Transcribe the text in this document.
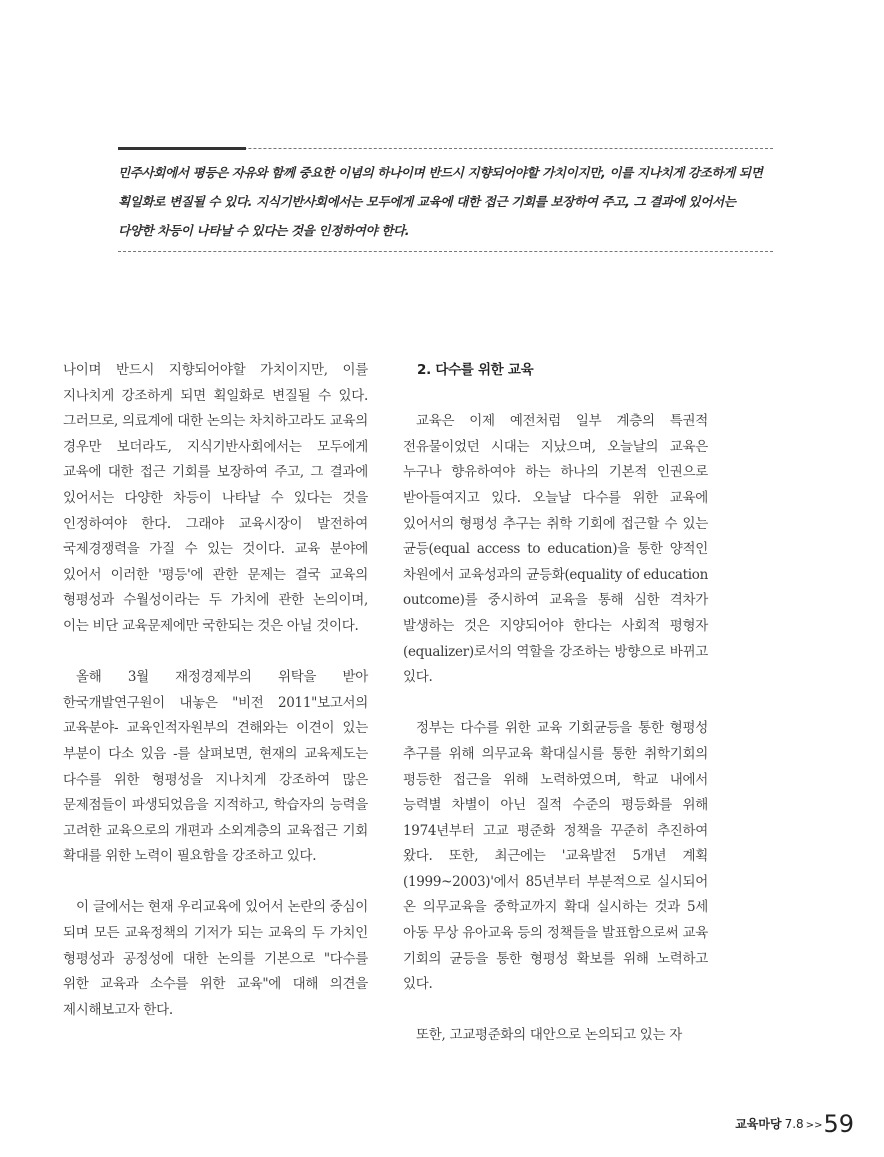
민주사회에서 평등은 자유와 함께 중요한 이념의 하나이며 반드시 지향되어야할 가치이지만, 이를 지나치게 강조하게 되면 획일화로 변질될 수 있다. 지식기반사회에서는 모두에게 교육에 대한 접근 기회를 보장하여 주고, 그 결과에 있어서는 다양한 차등이 나타날 수 있다는 것을 인정하여야 한다.

나이며 반드시 지향되어야할 가치이지만, 이를 지나치게 강조하게 되면 획일화로 변질될 수 있다. 그러므로, 의료계에 대한 논의는 차치하고라도 교육의 경우만 보더라도, 지식기반사회에서는 모두에게 교육에 대한 접근 기회를 보장하여 주고, 그 결과에 있어서는 다양한 차등이 나타날 수 있다는 것을 인정하여야 한다. 그래야 교육시장이 발전하여 국제경쟁력을 가질 수 있는 것이다. 교육 분야에 있어서 이러한 '평등'에 관한 문제는 결국 교육의 형평성과 수월성이라는 두 가치에 관한 논의이며, 이는 비단 교육문제에만 국한되는 것은 아닐 것이다.

올해 3월 재정경제부의 위탁을 받아 한국개발연구원이 내놓은 "비전 2011"보고서의 교육분야- 교육인적자원부의 견해와는 이견이 있는 부분이 다소 있음 -를 살펴보면, 현재의 교육제도는 다수를 위한 형평성을 지나치게 강조하여 많은 문제점들이 파생되었음을 지적하고, 학습자의 능력을 고려한 교육으로의 개편과 소외계층의 교육접근 기회 확대를 위한 노력이 필요함을 강조하고 있다.

이 글에서는 현재 우리교육에 있어서 논란의 중심이 되며 모든 교육정책의 기저가 되는 교육의 두 가치인 형평성과 공정성에 대한 논의를 기본으로 "다수를 위한 교육과 소수를 위한 교육"에 대해 의견을 제시해보고자 한다.

2. 다수를 위한 교육

교육은 이제 예전처럼 일부 계층의 특권적 전유물이었던 시대는 지났으며, 오늘날의 교육은 누구나 향유하여야 하는 하나의 기본적 인권으로 받아들여지고 있다. 오늘날 다수를 위한 교육에 있어서의 형평성 추구는 취학 기회에 접근할 수 있는 균등(equal access to education)을 통한 양적인 차원에서 교육성과의 균등화(equality of education outcome)를 중시하여 교육을 통해 심한 격차가 발생하는 것은 지양되어야 한다는 사회적 평형자(equalizer)로서의 역할을 강조하는 방향으로 바뀌고 있다.

정부는 다수를 위한 교육 기회균등을 통한 형평성 추구를 위해 의무교육 확대실시를 통한 취학기회의 평등한 접근을 위해 노력하였으며, 학교 내에서 능력별 차별이 아닌 질적 수준의 평등화를 위해 1974년부터 고교 평준화 정책을 꾸준히 추진하여 왔다. 또한, 최근에는 '교육발전 5개년 계획(1999~2003)'에서 85년부터 부분적으로 실시되어 온 의무교육을 중학교까지 확대 실시하는 것과 5세 아동 무상 유아교육 등의 정책들을 발표함으로써 교육 기회의 균등을 통한 형평성 확보를 위해 노력하고 있다.

또한, 고교평준화의 대안으로 논의되고 있는 자

교육마당 7.8 >>59
